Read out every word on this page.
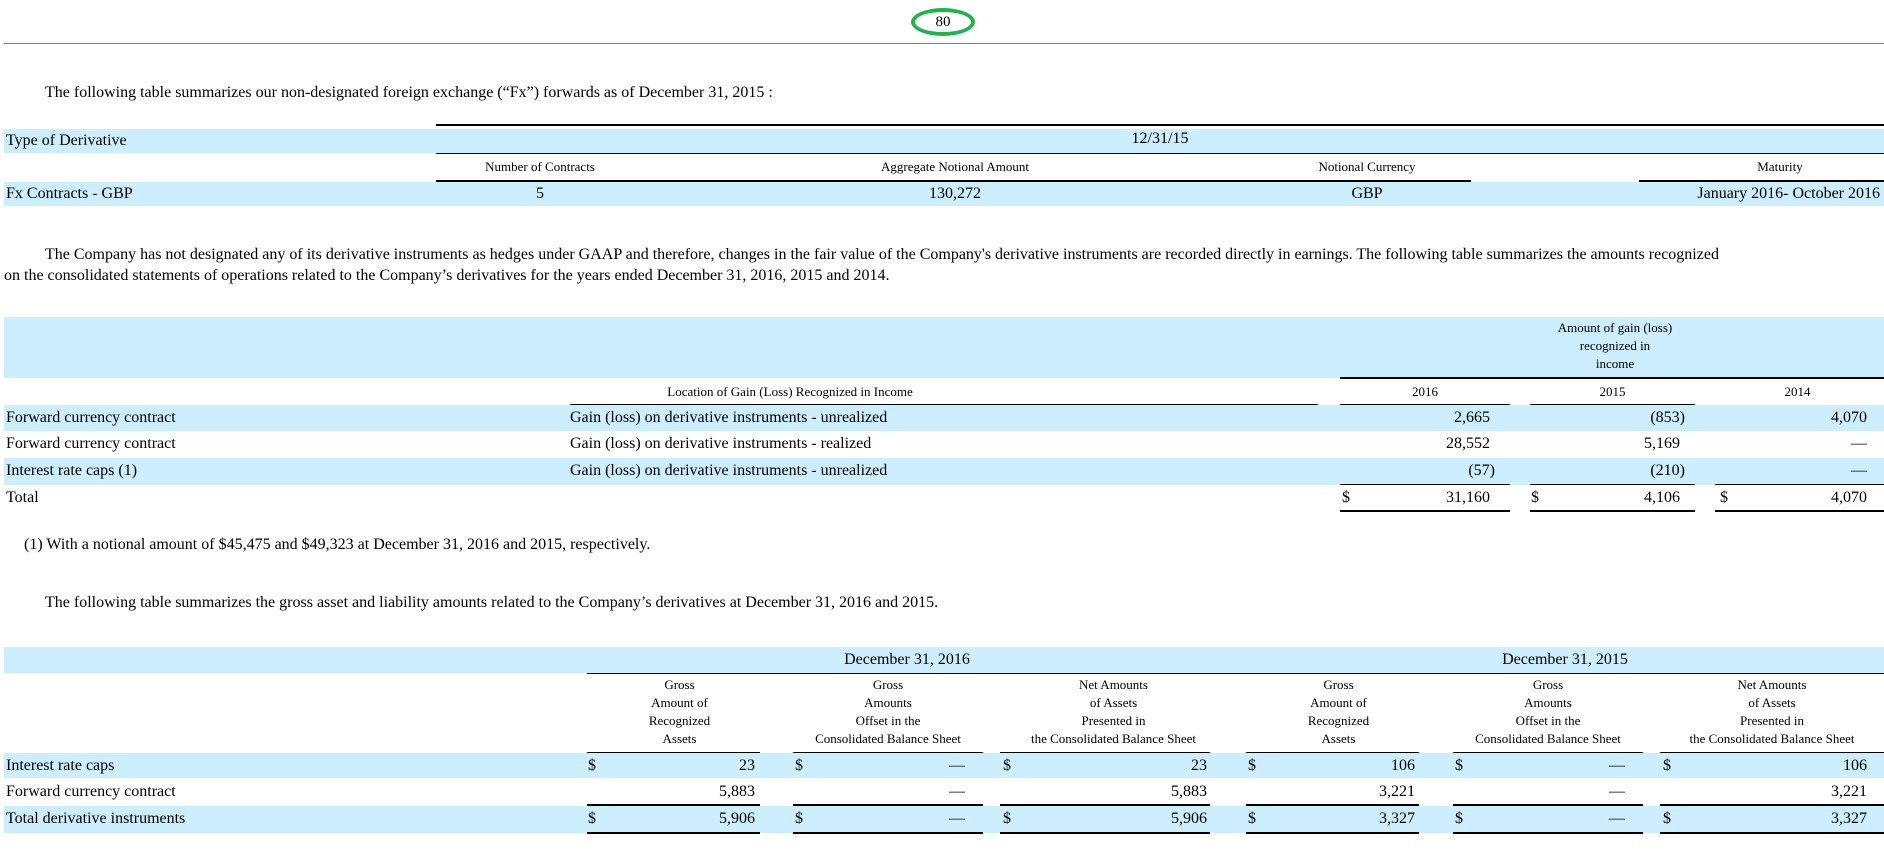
80
The following table summarizes our non-designated foreign exchange (“Fx”) forwards as of December 31, 2015 :
Type of Derivative	12/31/15
Number of Contracts	Aggregate Notional Amount	Notional Currency	Maturity
Fx Contracts - GBP	5	130,272	GBP	January 2016- October 2016
The Company has not designated any of its derivative instruments as hedges under GAAP and therefore, changes in the fair value of the Company's derivative instruments are recorded directly in earnings. The following table summarizes the amounts recognized
on the consolidated statements of operations related to the Company’s derivatives for the years ended December 31, 2016, 2015 and 2014.
Amount of gain (loss)
recognized in
income
Location of Gain (Loss) Recognized in Income	2016	2015	2014
Forward currency contract	Gain (loss) on derivative instruments - unrealized	2,665	(853)	4,070
Forward currency contract	Gain (loss) on derivative instruments - realized	28,552	5,169	—
Interest rate caps (1)	Gain (loss) on derivative instruments - unrealized	(57)	(210)	—
Total	$	31,160	$	4,106	$	4,070
(1) With a notional amount of $45,475 and $49,323 at December 31, 2016 and 2015, respectively.
The following table summarizes the gross asset and liability amounts related to the Company’s derivatives at December 31, 2016 and 2015.
December 31, 2016	December 31, 2015
Gross
Amount of
Recognized
Assets
Gross
Amounts
Offset in the
Consolidated Balance Sheet
Net Amounts
of Assets
Presented in
the Consolidated Balance Sheet
Gross
Amount of
Recognized
Assets
Gross
Amounts
Offset in the
Consolidated Balance Sheet
Net Amounts
of Assets
Presented in
the Consolidated Balance Sheet
Interest rate caps	$	23	$	— $	23	$	106	$	— $	106
Forward currency contract	5,883	—	5,883	3,221	—	3,221
Total derivative instruments	$	5,906	$	— $	5,906	$	3,327	$	— $	3,327
